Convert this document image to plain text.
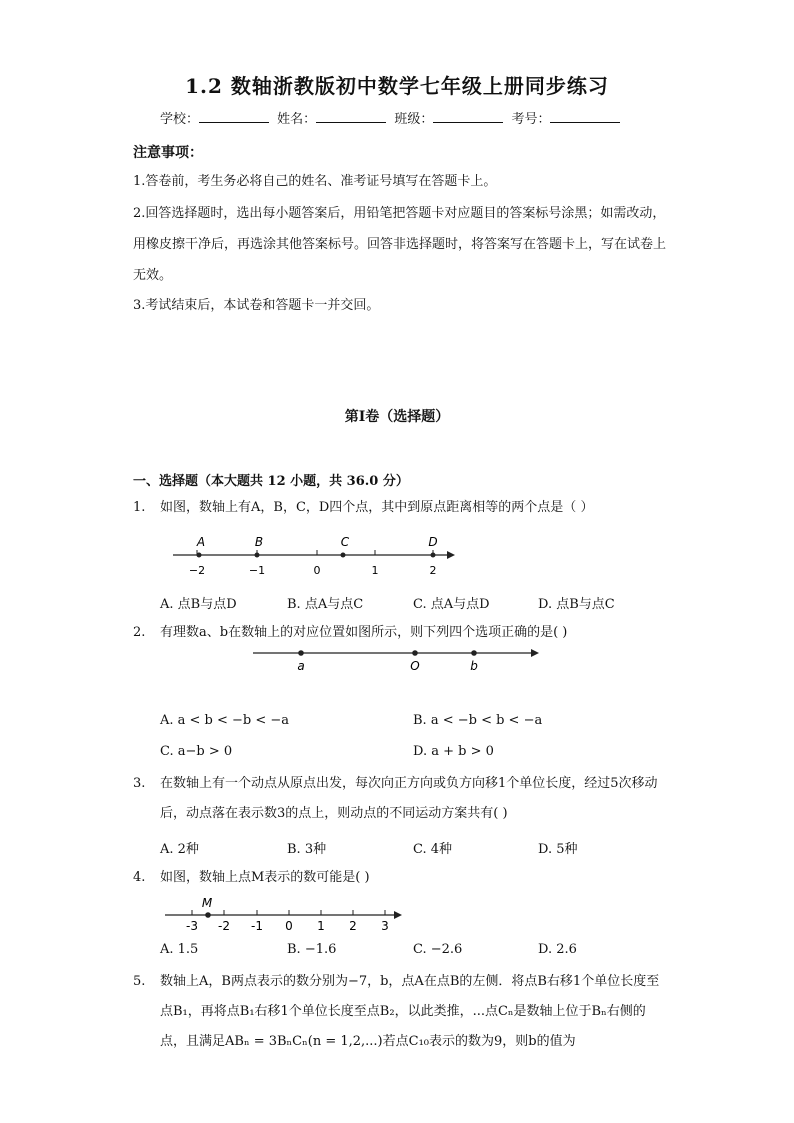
1.2 数轴浙教版初中数学七年级上册同步练习
学校：	姓名：	班级：	考号：
注意事项：
1.答卷前，考生务必将自己的姓名、准考证号填写在答题卡上。
2.回答选择题时，选出每小题答案后，用铅笔把答题卡对应题目的答案标号涂黑；如需改动，用橡皮擦干净后，再选涂其他答案标号。回答非选择题时，将答案写在答题卡上，写在试卷上无效。
3.考试结束后，本试卷和答题卡一并交回。
第I卷（选择题）
一、选择题（本大题共 12 小题，共 36.0 分）
1. 如图，数轴上有A，B，C，D四个点，其中到原点距离相等的两个点是（ ）
A	B	C	D
−2	−1	0	1	2
A. 点B与点D	B. 点A与点C	C. 点A与点D	D. 点B与点C
2. 有理数a、b在数轴上的对应位置如图所示，则下列四个选项正确的是( )
a	O	b
A. a < b < −b < −a	B. a < −b < b < −a
C. a−b > 0	D. a + b > 0
3. 在数轴上有一个动点从原点出发，每次向正方向或负方向移1个单位长度，经过5次移动后，动点落在表示数3的点上，则动点的不同运动方案共有( )
A. 2种	B. 3种	C. 4种	D. 5种
4. 如图，数轴上点M表示的数可能是( )
M
-3 -2 -1 0 1 2 3
A. 1.5	B. −1.6	C. −2.6	D. 2.6
5. 数轴上A，B两点表示的数分别为−7，b，点A在点B的左侧．将点B右移1个单位长度至点B₁，再将点B₁右移1个单位长度至点B₂，以此类推，...点Cₙ是数轴上位于Bₙ右侧的点，且满足ABₙ = 3BₙCₙ(n = 1,2,...)若点C₁₀表示的数为9，则b的值为
